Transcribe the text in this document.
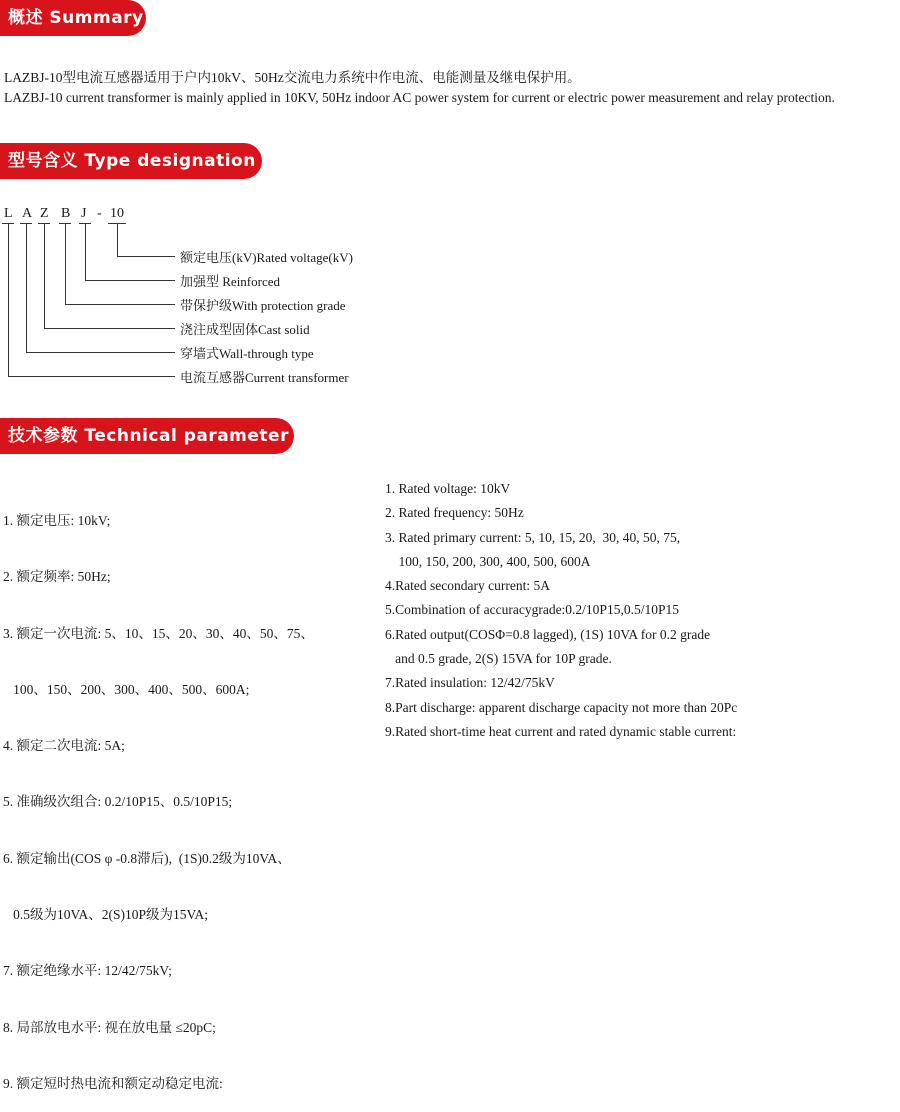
概述 Summary
LAZBJ-10型电流互感器适用于户内10kV、50Hz交流电力系统中作电流、电能测量及继电保护用。
LAZBJ-10 current transformer is mainly applied in 10KV, 50Hz indoor AC power system for current or electric power measurement and relay protection.
型号含义 Type designation
L A Z B J - 10
额定电压(kV)Rated voltage(kV)
加强型 Reinforced
带保护级With protection grade
浇注成型固体Cast solid
穿墙式Wall-through type
电流互感器Current transformer
技术参数 Technical parameter

1. 额定电压: 10kV;

2. 额定频率: 50Hz;

3. 额定一次电流: 5、10、15、20、30、40、50、75、

100、150、200、300、400、500、600A;

4. 额定二次电流: 5A;

5. 准确级次组合: 0.2/10P15、0.5/10P15;

6. 额定输出(COS φ -0.8滞后),  (1S)0.2级为10VA、

0.5级为10VA、2(S)10P级为15VA;

7. 额定绝缘水平: 12/42/75kV;

8. 局部放电水平: 视在放电量 ≤20pC;

9. 额定短时热电流和额定动稳定电流:

1. Rated voltage: 10kV
2. Rated frequency: 50Hz
3. Rated primary current: 5, 10, 15, 20,  30, 40, 50, 75,
100, 150, 200, 300, 400, 500, 600A
4.Rated secondary current: 5A
5.Combination of accuracygrade:0.2/10P15,0.5/10P15
6.Rated output(COSΦ=0.8 lagged), (1S) 10VA for 0.2 grade
and 0.5 grade, 2(S) 15VA for 10P grade.
7.Rated insulation: 12/42/75kV
8.Part discharge: apparent discharge capacity not more than 20Pc
9.Rated short-time heat current and rated dynamic stable current:
